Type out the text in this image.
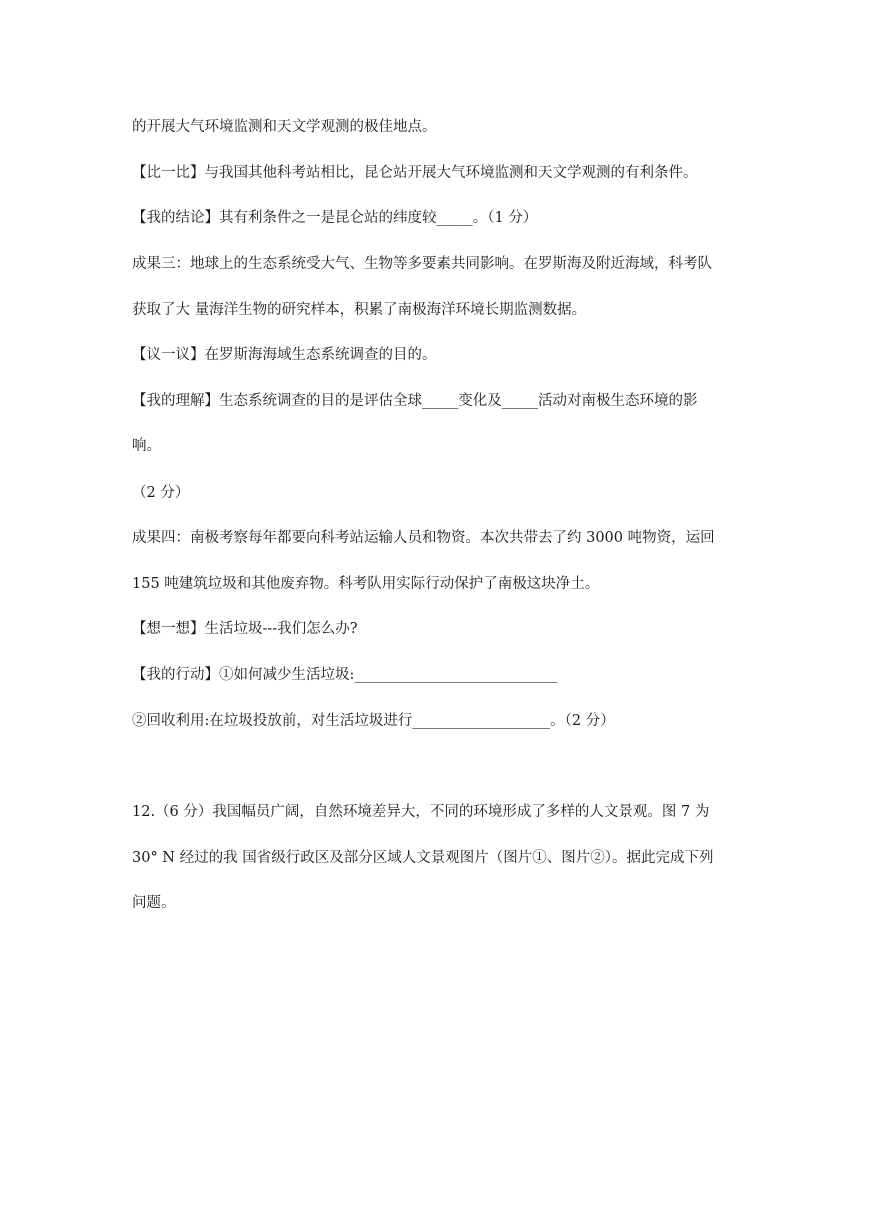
的开展大气环境监测和天文学观测的极佳地点。
【比一比】与我国其他科考站相比，昆仑站开展大气环境监测和天文学观测的有利条件。
【我的结论】其有利条件之一是昆仑站的纬度较_____。（1 分）
成果三：地球上的生态系统受大气、生物等多要素共同影响。在罗斯海及附近海域，科考队
获取了大 量海洋生物的研究样本，积累了南极海洋环境长期监测数据。
【议一议】在罗斯海海域生态系统调查的目的。
【我的理解】生态系统调查的目的是评估全球_____变化及_____活动对南极生态环境的影
响。
（2 分）
成果四：南极考察每年都要向科考站运输人员和物资。本次共带去了约 3000 吨物资，运回
155 吨建筑垃圾和其他废弃物。科考队用实际行动保护了南极这块净土。
【想一想】生活垃圾---我们怎么办?
【我的行动】①如何减少生活垃圾:____________________________
②回收利用:在垃圾投放前，对生活垃圾进行___________________。（2 分）
12.（6 分）我国幅员广阔，自然环境差异大，不同的环境形成了多样的人文景观。图 7 为
30° N 经过的我 国省级行政区及部分区域人文景观图片（图片①、图片②）。据此完成下列
问题。
